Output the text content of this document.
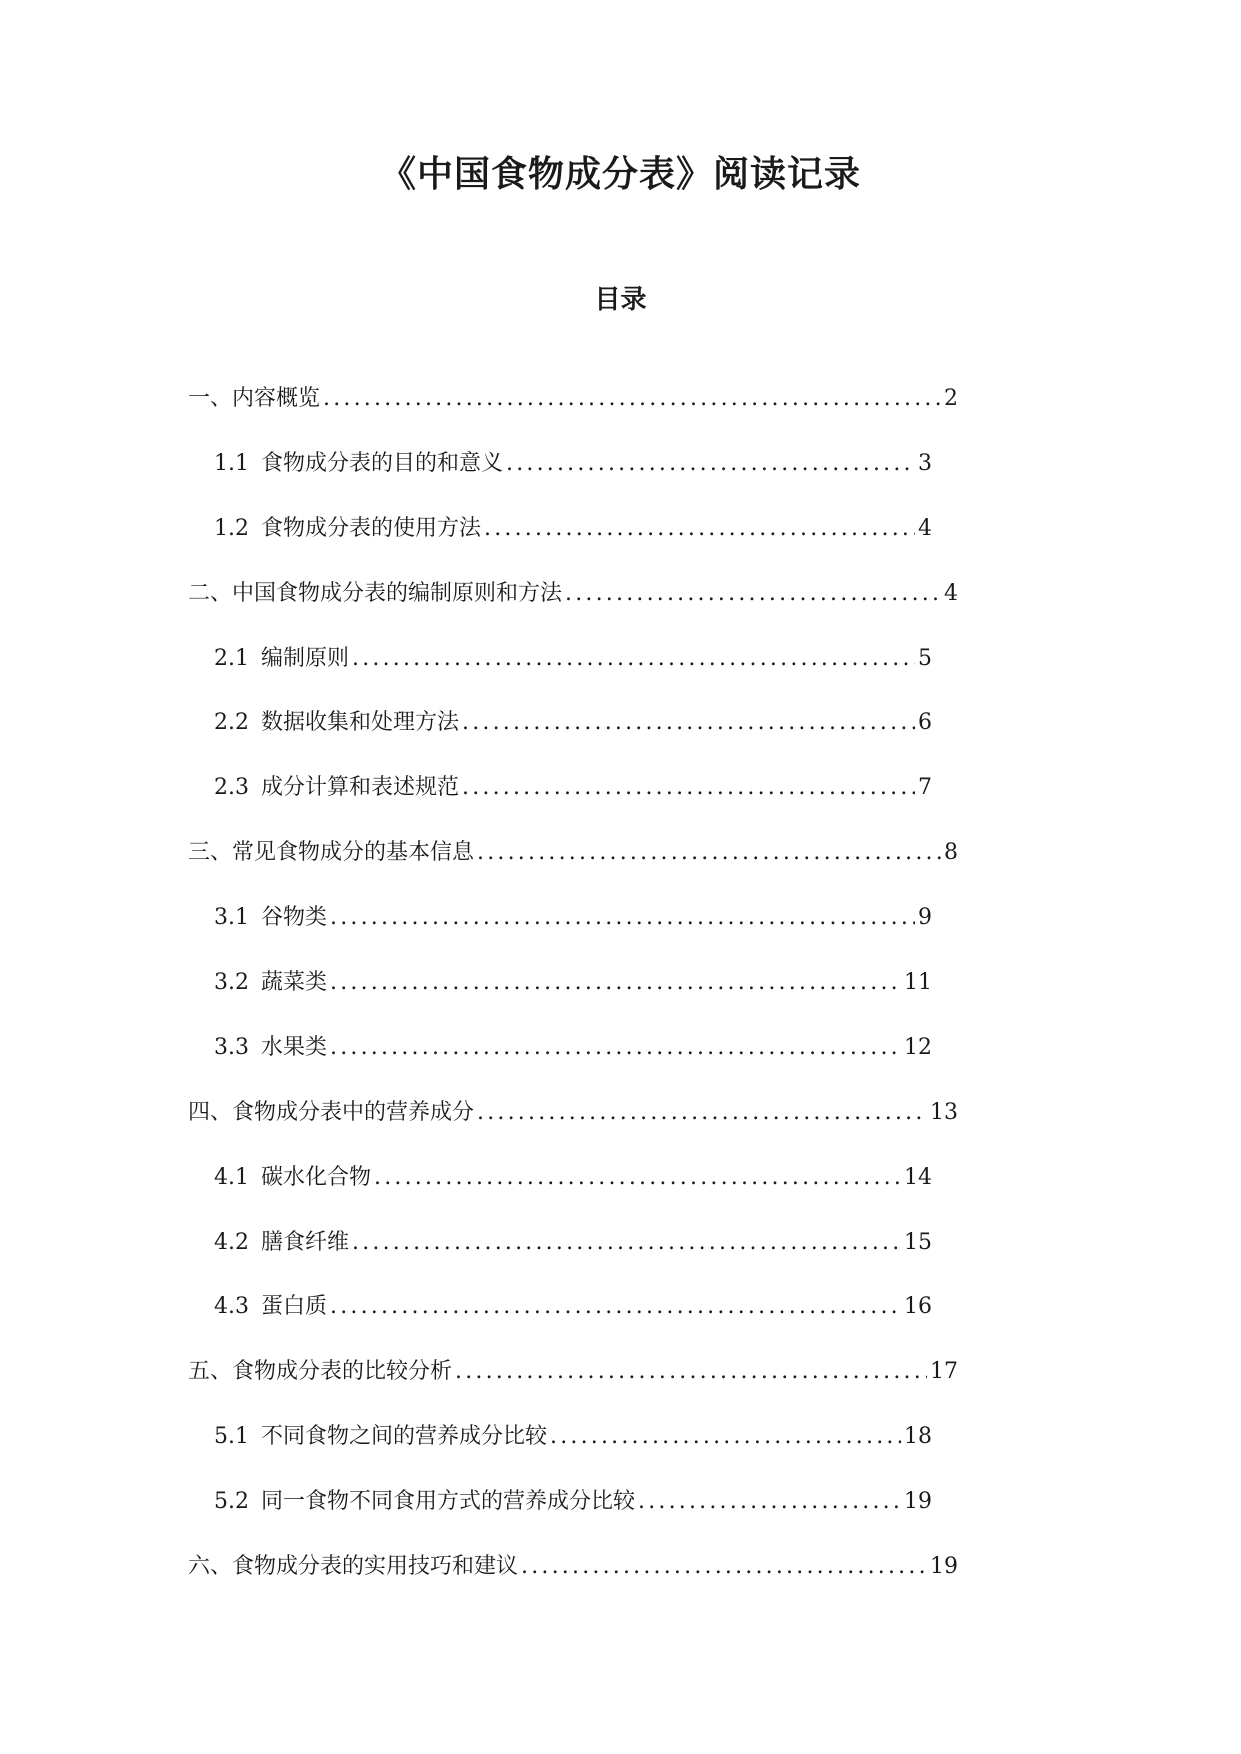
《中国食物成分表》阅读记录
目录
一、内容概览 .....	2
1.1 食物成分表的目的和意义 .....	3
1.2 食物成分表的使用方法 .....	4
二、中国食物成分表的编制原则和方法 .....	4
2.1 编制原则 .....	5
2.2 数据收集和处理方法 .....	6
2.3 成分计算和表述规范 .....	7
三、常见食物成分的基本信息 .....	8
3.1 谷物类 .....	9
3.2 蔬菜类 .....	11
3.3 水果类 .....	12
四、食物成分表中的营养成分 .....	13
4.1 碳水化合物 .....	14
4.2 膳食纤维 .....	15
4.3 蛋白质 .....	16
五、食物成分表的比较分析 .....	17
5.1 不同食物之间的营养成分比较 .....	18
5.2 同一食物不同食用方式的营养成分比较 .....	19
六、食物成分表的实用技巧和建议 .....	19
